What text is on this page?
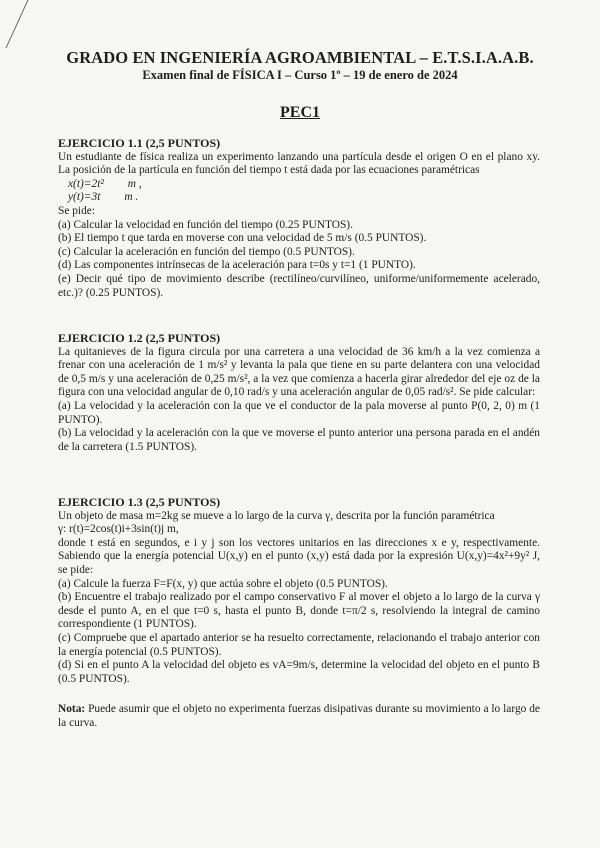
GRADO EN INGENIERÍA AGROAMBIENTAL – E.T.S.I.A.A.B.
Examen final de FÍSICA I – Curso 1º – 19 de enero de 2024
PEC1

EJERCICIO 1.1 (2,5 PUNTOS)

Un estudiante de física realiza un experimento lanzando una partícula desde el origen O en el plano xy. La posición de la partícula en función del tiempo t está dada por las ecuaciones paramétricas

x(t)=2t² m ,

y(t)=3t m .

Se pide:

(a) Calcular la velocidad en función del tiempo (0.25 PUNTOS).

(b) El tiempo t que tarda en moverse con una velocidad de 5 m/s (0.5 PUNTOS).

(c) Calcular la aceleración en función del tiempo (0.5 PUNTOS).

(d) Las componentes intrínsecas de la aceleración para t=0s y t=1 (1 PUNTO).

(e) Decir qué tipo de movimiento describe (rectilíneo/curvilíneo, uniforme/uniformemente acelerado, etc.)? (0.25 PUNTOS).

EJERCICIO 1.2 (2,5 PUNTOS)

La quitanieves de la figura circula por una carretera a una velocidad de 36 km/h a la vez comienza a frenar con una aceleración de 1 m/s² y levanta la pala que tiene en su parte delantera con una velocidad de 0,5 m/s y una aceleración de 0,25 m/s², a la vez que comienza a hacerla girar alrededor del eje oz de la figura con una velocidad angular de 0,10 rad/s y una aceleración angular de 0,05 rad/s². Se pide calcular:

(a) La velocidad y la aceleración con la que ve el conductor de la pala moverse al punto P(0, 2, 0) m (1 PUNTO).

(b) La velocidad y la aceleración con la que ve moverse el punto anterior una persona parada en el andén de la carretera (1.5 PUNTOS).

EJERCICIO 1.3 (2,5 PUNTOS)

Un objeto de masa m=2kg se mueve a lo largo de la curva γ, descrita por la función paramétrica

γ: r(t)=2cos(t)i+3sin(t)j m,

donde t está en segundos, e i y j son los vectores unitarios en las direcciones x e y, respectivamente. Sabiendo que la energía potencial U(x,y) en el punto (x,y) está dada por la expresión U(x,y)=4x²+9y² J, se pide:

(a) Calcule la fuerza F=F(x, y) que actúa sobre el objeto (0.5 PUNTOS).

(b) Encuentre el trabajo realizado por el campo conservativo F al mover el objeto a lo largo de la curva γ desde el punto A, en el que t=0 s, hasta el punto B, donde t=π/2 s, resolviendo la integral de camino correspondiente (1 PUNTOS).

(c) Compruebe que el apartado anterior se ha resuelto correctamente, relacionando el trabajo anterior con la energía potencial (0.5 PUNTOS).

(d) Si en el punto A la velocidad del objeto es vA=9m/s, determine la velocidad del objeto en el punto B (0.5 PUNTOS).

Nota: Puede asumir que el objeto no experimenta fuerzas disipativas durante su movimiento a lo largo de la curva.
